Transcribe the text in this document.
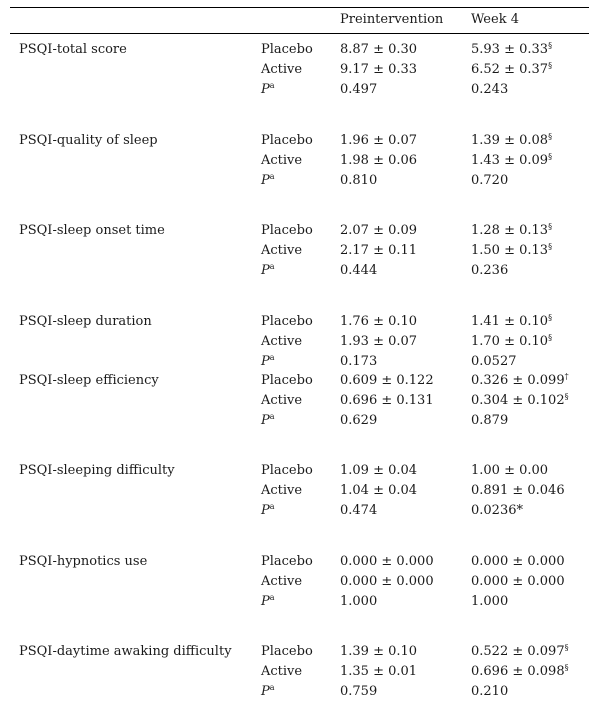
Preintervention Week 4
PSQI-total score	Placebo 8.87 ± 0.30	5.93 ± 0.33§
Active	9.17 ± 0.33	6.52 ± 0.37§
$P^a$	0.497	0.243
PSQI-quality of sleep	Placebo 1.96 ± 0.07	1.39 ± 0.08§
Active	1.98 ± 0.06	1.43 ± 0.09§
$P^a$	0.810	0.720
PSQI-sleep onset time	Placebo 2.07 ± 0.09	1.28 ± 0.13§
Active	2.17 ± 0.11	1.50 ± 0.13§
$P^a$	0.444	0.236
PSQI-sleep duration	Placebo 1.76 ± 0.10	1.41 ± 0.10§
Active	1.93 ± 0.07	1.70 ± 0.10§
$P^a$	0.173	0.0527
PSQI-sleep efficiency	Placebo 0.609 ± 0.122	0.326 ± 0.099†
Active	0.696 ± 0.131	0.304 ± 0.102§
$P^a$	0.629	0.879
PSQI-sleeping difficulty	Placebo 1.09 ± 0.04	1.00 ± 0.00
Active	1.04 ± 0.04	0.891 ± 0.046
$P^a$	0.474	0.0236*
PSQI-hypnotics use	Placebo 0.000 ± 0.000	0.000 ± 0.000
Active	0.000 ± 0.000	0.000 ± 0.000
$P^a$	1.000	1.000
PSQI-daytime awaking difficulty Placebo 1.39 ± 0.10	0.522 ± 0.097§
Active	1.35 ± 0.01	0.696 ± 0.098§
$P^a$	0.759	0.210
